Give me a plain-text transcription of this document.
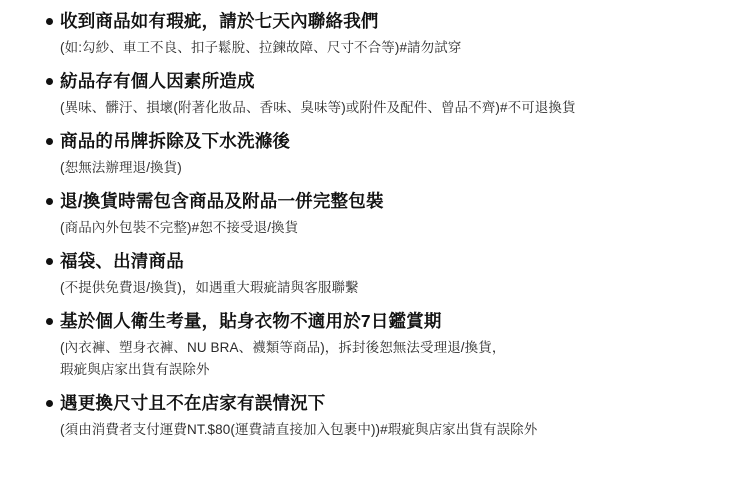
收到商品如有瑕疵，請於七天內聯絡我們
(如:勾紗、車工不良、扣子鬆脫、拉鍊故障、尺寸不合等)#請勿試穿
紡品存有個人因素所造成
(異味、髒汙、損壞(附著化妝品、香味、臭味等)或附件及配件、曾品不齊)#不可退換貨
商品的吊牌拆除及下水洗滌後
(恕無法辦理退/換貨)
退/換貨時需包含商品及附品一併完整包裝
(商品內外包裝不完整)#恕不接受退/換貨
福袋、出清商品
(不提供免費退/換貨)，如遇重大瑕疵請與客服聯繫
基於個人衛生考量，貼身衣物不適用於7日鑑賞期
(內衣褲、塑身衣褲、NU BRA、襪類等商品)，拆封後恕無法受理退/換貨，
瑕疵與店家出貨有誤除外
遇更換尺寸且不在店家有誤情況下
(須由消費者支付運費NT.$80(運費請直接加入包裹中))#瑕疵與店家出貨有誤除外
